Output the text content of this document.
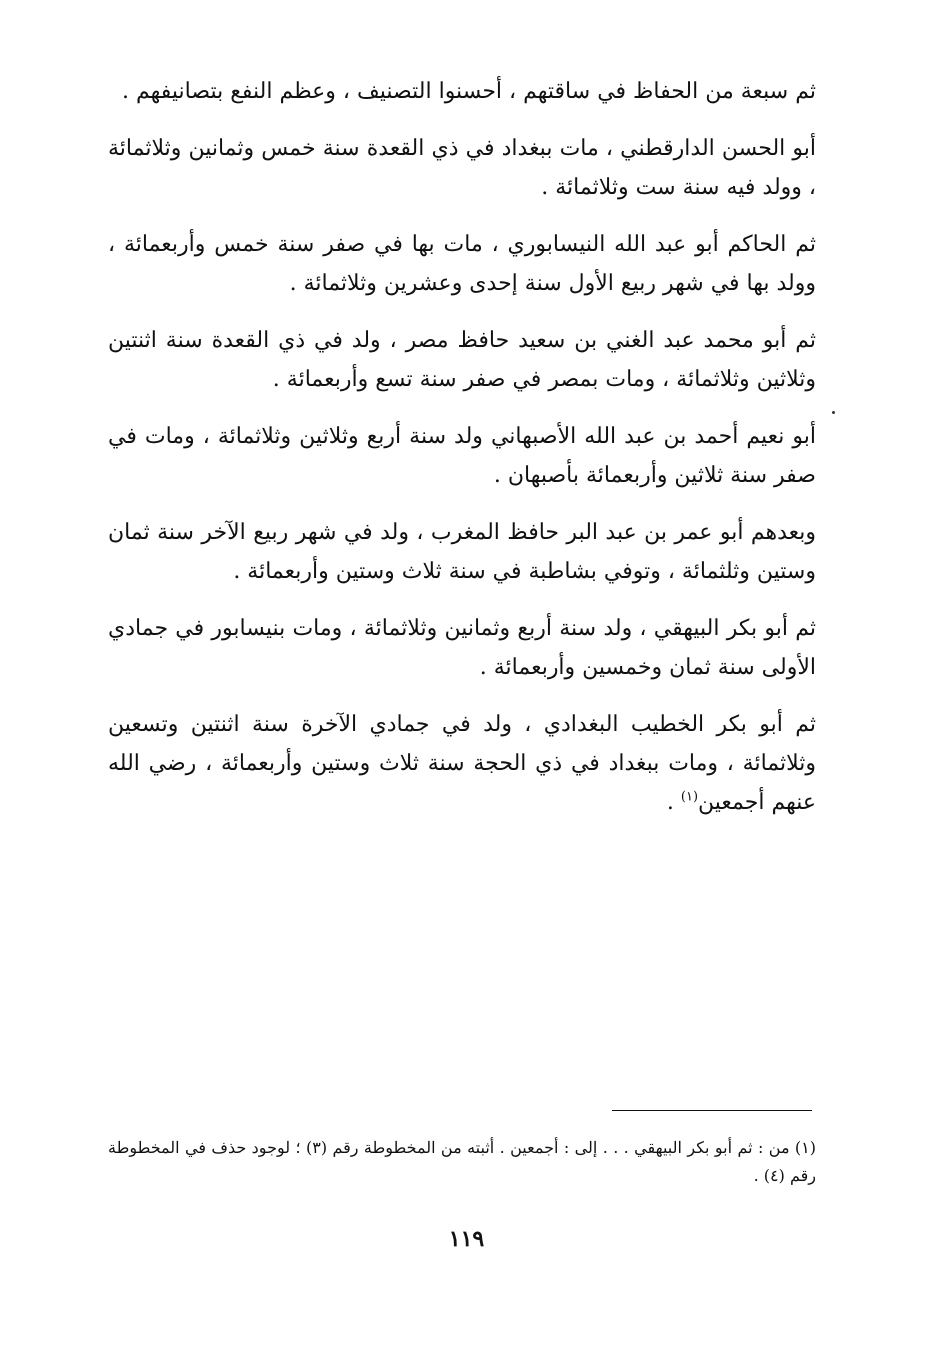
ثم سبعة من الحفاظ في ساقتهم ، أحسنوا التصنيف ، وعظم النفع بتصانيفهم .

أبو الحسن الدارقطني ، مات ببغداد في ذي القعدة سنة خمس وثمانين وثلاثمائة ، وولد فيه سنة ست وثلاثمائة .

ثم الحاكم أبو عبد الله النيسابوري ، مات بها في صفر سنة خمس وأربعمائة ، وولد بها في شهر ربيع الأول سنة إحدى وعشرين وثلاثمائة .

ثم أبو محمد عبد الغني بن سعيد حافظ مصر ، ولد في ذي القعدة سنة اثنتين وثلاثين وثلاثمائة ، ومات بمصر في صفر سنة تسع وأربعمائة .

أبو نعيم أحمد بن عبد الله الأصبهاني ولد سنة أربع وثلاثين وثلاثمائة ، ومات في صفر سنة ثلاثين وأربعمائة بأصبهان .

وبعدهم أبو عمر بن عبد البر حافظ المغرب ، ولد في شهر ربيع الآخر سنة ثمان وستين وثلثمائة ، وتوفي بشاطبة في سنة ثلاث وستين وأربعمائة .

ثم أبو بكر البيهقي ، ولد سنة أربع وثمانين وثلاثمائة ، ومات بنيسابور في جمادي الأولى سنة ثمان وخمسين وأربعمائة .

ثم أبو بكر الخطيب البغدادي ، ولد في جمادي الآخرة سنة اثنتين وتسعين وثلاثمائة ، ومات ببغداد في ذي الحجة سنة ثلاث وستين وأربعمائة ، رضي الله عنهم أجمعين$^{(١)}$ .

(١) من : ثم أبو بكر البيهقي . . . إلى : أجمعين . أثبته من المخطوطة رقم (٣) ؛ لوجود حذف في المخطوطة رقم (٤) .

١١٩
